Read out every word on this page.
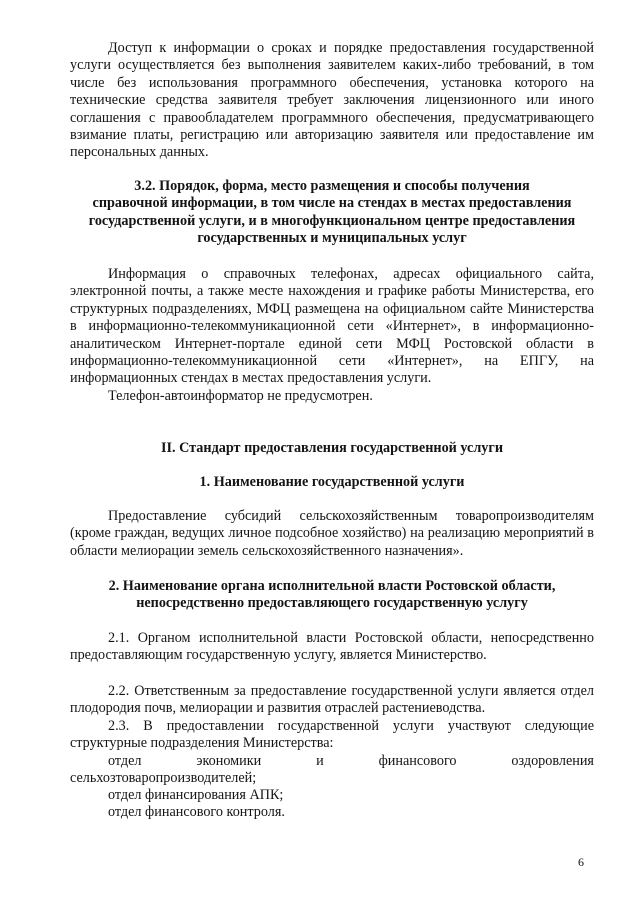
Доступ к информации о сроках и порядке предоставления государственной услуги осуществляется без выполнения заявителем каких-либо требований, в том числе без использования программного обеспечения, установка которого на технические средства заявителя требует заключения лицензионного или иного соглашения с правообладателем программного обеспечения, предусматривающего взимание платы, регистрацию или авторизацию заявителя или предоставление им персональных данных.

3.2. Порядок, форма, место размещения и способы получения
справочной информации, в том числе на стендах в местах предоставления
государственной услуги, и в многофункциональном центре предоставления
государственных и муниципальных услуг

Информация о справочных телефонах, адресах официального сайта, электронной почты, а также месте нахождения и графике работы Министерства, его структурных подразделениях, МФЦ размещена на официальном сайте Министерства в информационно-телекоммуникационной сети «Интернет», в информационно-аналитическом Интернет-портале единой сети МФЦ Ростовской области в информационно-телекоммуникационной сети «Интернет», на ЕПГУ, на информационных стендах в местах предоставления услуги.

Телефон-автоинформатор не предусмотрен.

II. Стандарт предоставления государственной услуги
1. Наименование государственной услуги

Предоставление субсидий сельскохозяйственным товаропроизводителям (кроме граждан, ведущих личное подсобное хозяйство) на реализацию мероприятий в области мелиорации земель сельскохозяйственного назначения».

2. Наименование органа исполнительной власти Ростовской области,
непосредственно предоставляющего государственную услугу

2.1. Органом исполнительной власти Ростовской области, непосредственно предоставляющим государственную услугу, является Министерство.

2.2. Ответственным за предоставление государственной услуги является отдел плодородия почв, мелиорации и развития отраслей растениеводства.

2.3. В предоставлении государственной услуги участвуют следующие структурные подразделения Министерства:

отдел	экономики	и	финансового	оздоровления

сельхозтоваропроизводителей;

отдел финансирования АПК;

отдел финансового контроля.

6
